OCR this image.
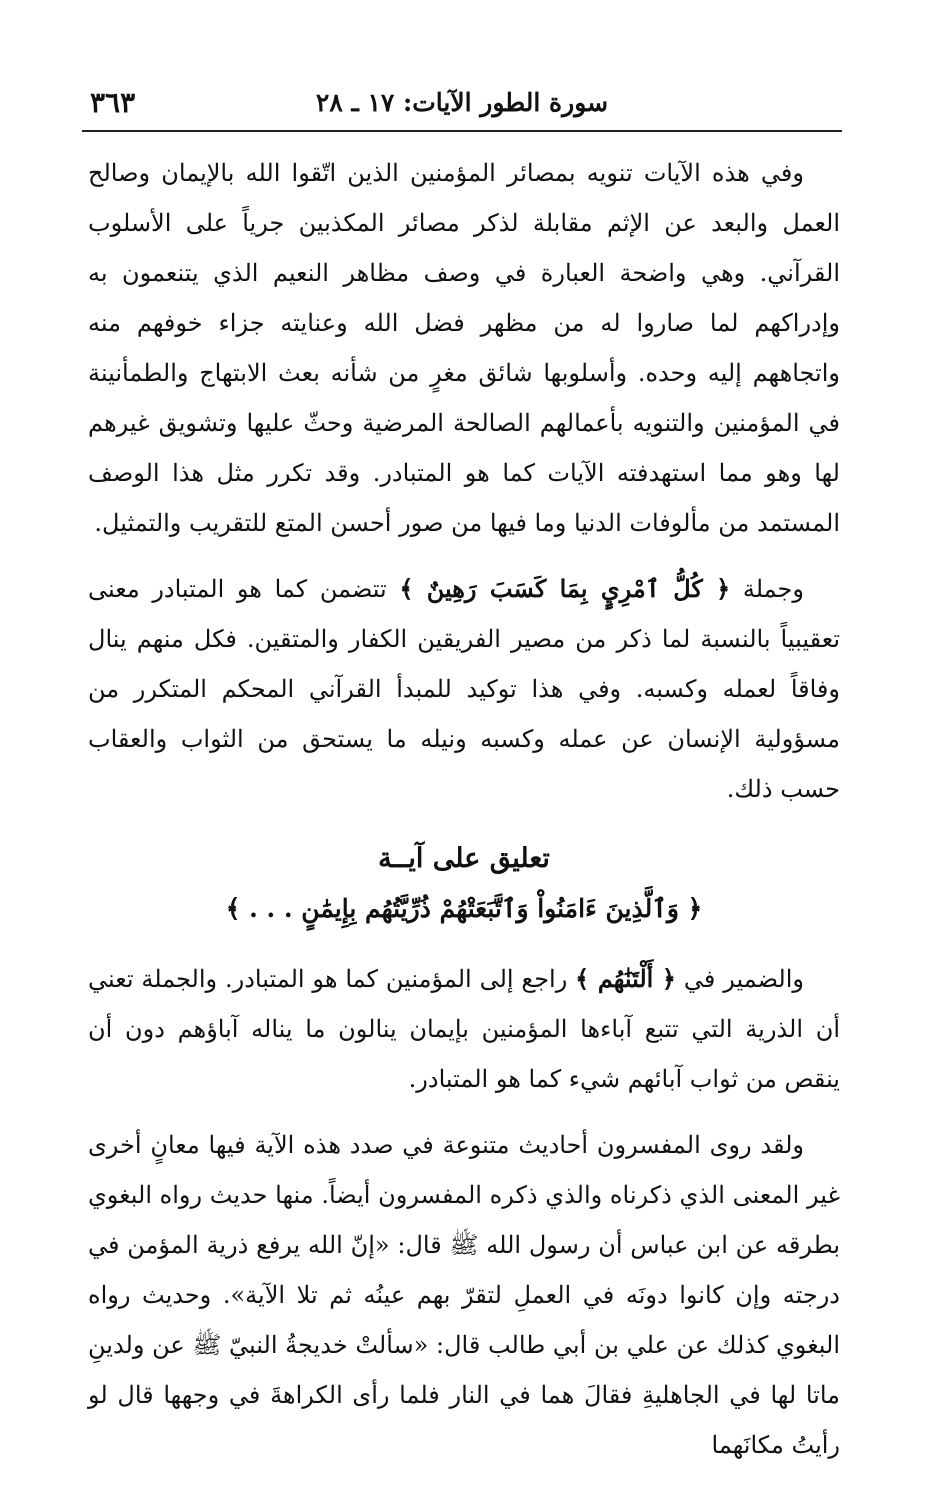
سورة الطور الآيات: ١٧ ـ ٢٨
٣٦٣

وفي هذه الآيات تنويه بمصائر المؤمنين الذين اتّقوا الله بالإيمان وصالح العمل والبعد عن الإثم مقابلة لذكر مصائر المكذبين جرياً على الأسلوب القرآني. وهي واضحة العبارة في وصف مظاهر النعيم الذي يتنعمون به وإدراكهم لما صاروا له من مظهر فضل الله وعنايته جزاء خوفهم منه واتجاههم إليه وحده. وأسلوبها شائق مغرٍ من شأنه بعث الابتهاج والطمأنينة في المؤمنين والتنويه بأعمالهم الصالحة المرضية وحثّ عليها وتشويق غيرهم لها وهو مما استهدفته الآيات كما هو المتبادر. وقد تكرر مثل هذا الوصف المستمد من مألوفات الدنيا وما فيها من صور أحسن المتع للتقريب والتمثيل.

وجملة ﴿ كُلُّ ٱمْرِيٍٕ بِمَا كَسَبَ رَهِينٌ ﴾ تتضمن كما هو المتبادر معنى تعقيبياً بالنسبة لما ذكر من مصير الفريقين الكفار والمتقين. فكل منهم ينال وفاقاً لعمله وكسبه. وفي هذا توكيد للمبدأ القرآني المحكم المتكرر من مسؤولية الإنسان عن عمله وكسبه ونيله ما يستحق من الثواب والعقاب حسب ذلك.

تعليق على آيــة
﴿ وَٱلَّذِينَ ءَامَنُواْ وَٱتَّبَعَتْهُمْ ذُرِّيَّتُهُم بِإِيمَٰنٍ . . . ﴾

والضمير في ﴿ أَلْتَنَٰهُم ﴾ راجع إلى المؤمنين كما هو المتبادر. والجملة تعني أن الذرية التي تتبع آباءها المؤمنين بإيمان ينالون ما يناله آباؤهم دون أن ينقص من ثواب آبائهم شيء كما هو المتبادر.

ولقد روى المفسرون أحاديث متنوعة في صدد هذه الآية فيها معانٍ أخرى غير المعنى الذي ذكرناه والذي ذكره المفسرون أيضاً. منها حديث رواه البغوي بطرقه عن ابن عباس أن رسول الله ﷺ قال: «إنّ الله يرفع ذرية المؤمن في درجته وإن كانوا دونَه في العملِ لتقرّ بهم عينُه ثم تلا الآية». وحديث رواه البغوي كذلك عن علي بن أبي طالب قال: «سألتْ خديجةُ النبيّ ﷺ عن ولدينِ ماتا لها في الجاهليةِ فقالَ هما في النار فلما رأى الكراهةَ في وجهها قال لو رأيتُ مكانَهما
